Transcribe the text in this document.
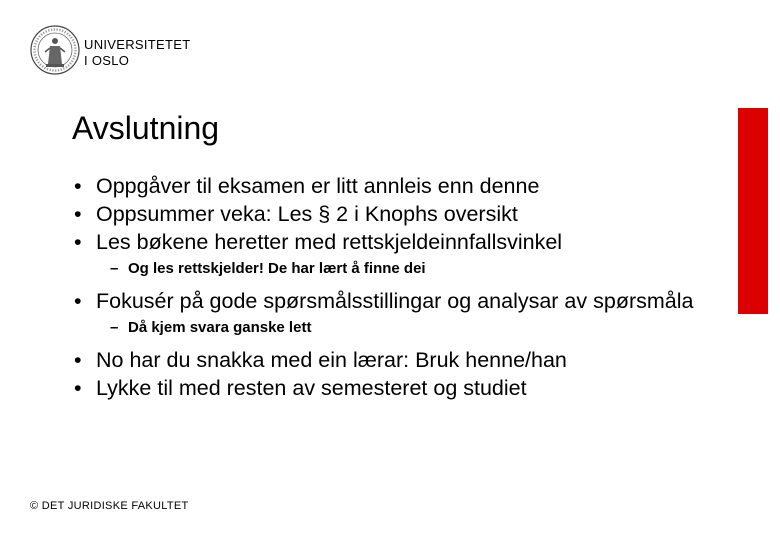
UNIVERSITETET
I OSLO
Avslutning
• Oppgåver til eksamen er litt annleis enn denne
• Oppsummer veka: Les § 2 i Knophs oversikt
• Les bøkene heretter med rettskjeldeinnfallsvinkel
– Og les rettskjelder! De har lært å finne dei
• Fokusér på gode spørsmålsstillingar og analysar av spørsmåla
– Då kjem svara ganske lett
• No har du snakka med ein lærar: Bruk henne/han
• Lykke til med resten av semesteret og studiet
© DET JURIDISKE FAKULTET
